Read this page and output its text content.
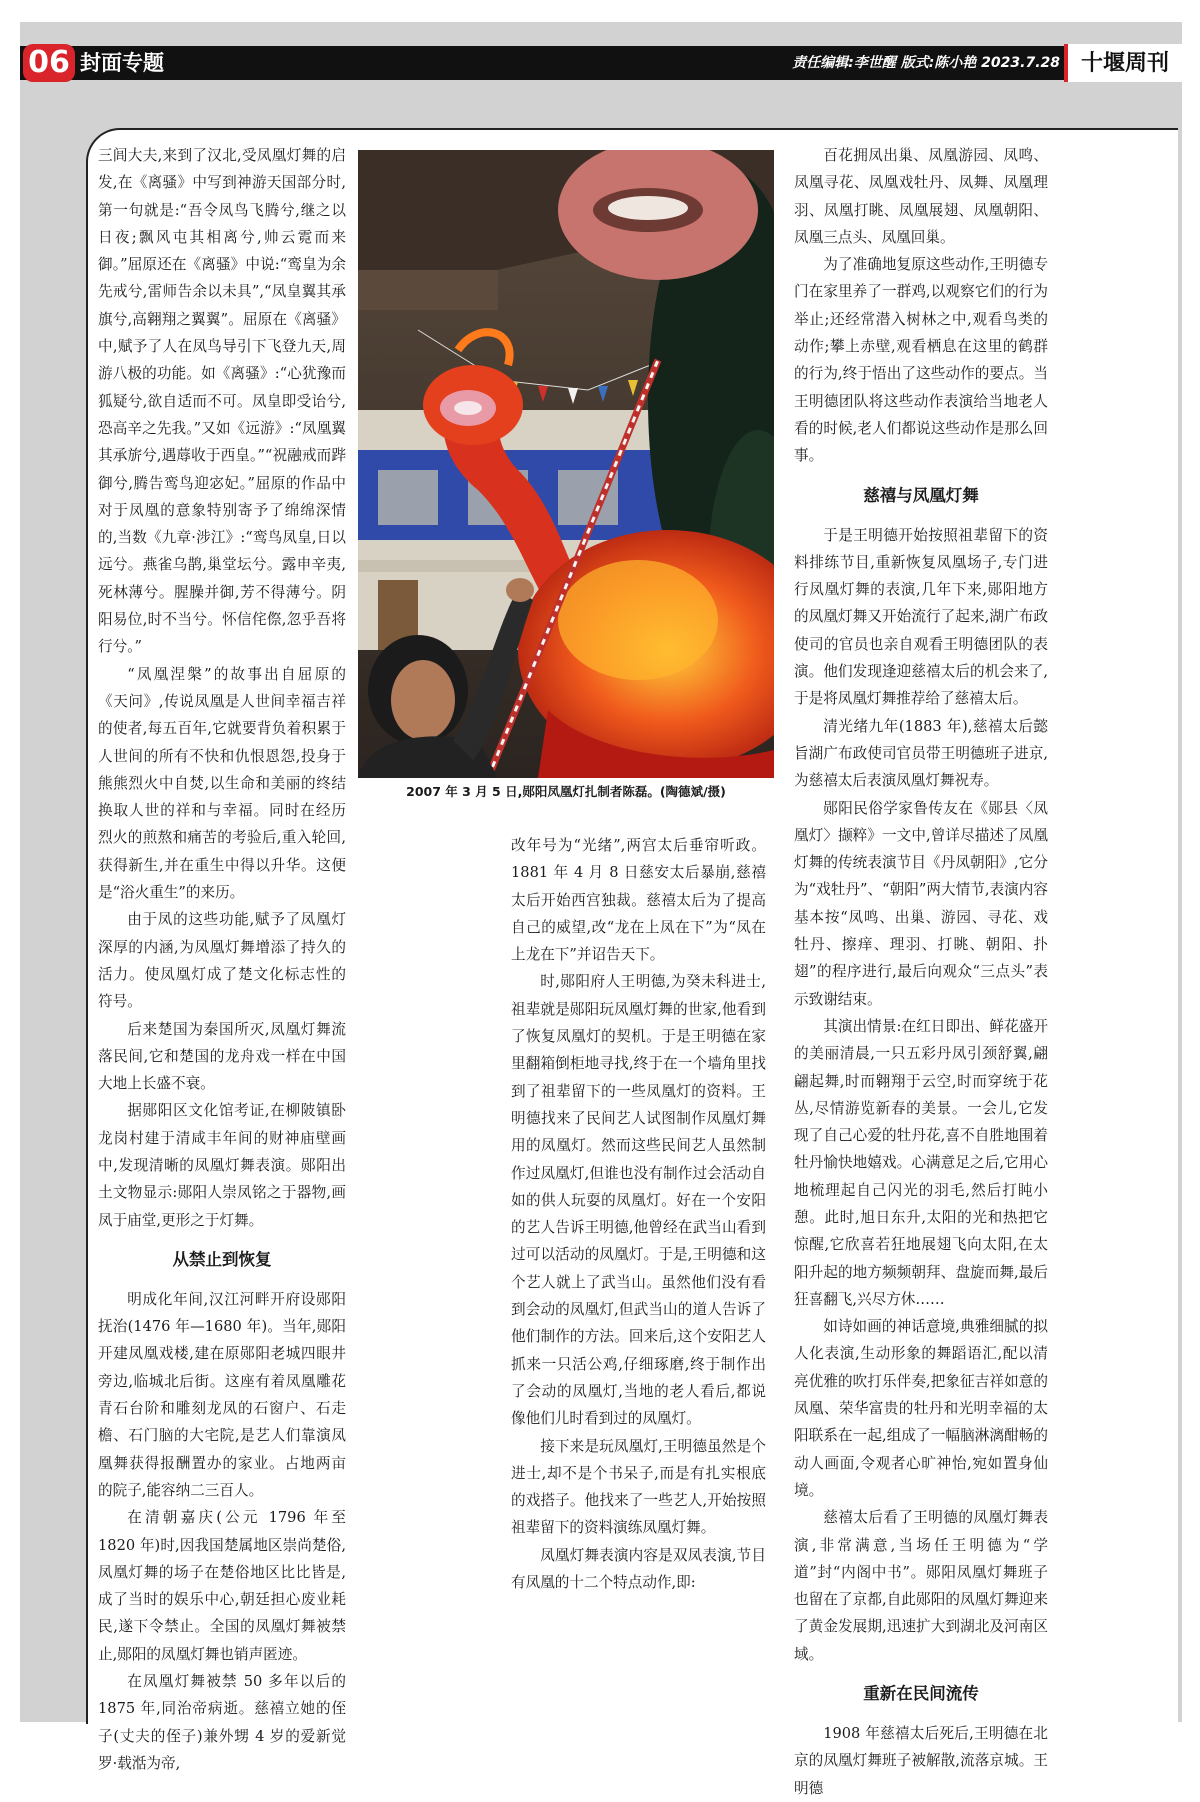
06 封面专题	责任编辑:李世醒 版式:陈小艳 2023.7.28 十堰周刊

三闾大夫,来到了汉北,受凤凰灯舞的启发,在《离骚》中写到神游天国部分时,第一句就是:“吾令凤鸟飞腾兮,继之以日夜;飘风屯其相离兮,帅云霓而来御。”屈原还在《离骚》中说:“鸾皇为余先戒兮,雷师告余以未具”,“凤皇翼其承旗兮,高翱翔之翼翼”。屈原在《离骚》中,赋予了人在凤鸟导引下飞登九天,周游八极的功能。如《离骚》:“心犹豫而狐疑兮,欲自适而不可。凤皇即受诒兮,恐高辛之先我。”又如《远游》:“凤凰翼其承旂兮,遇蓐收于西皇。”“祝融戒而跸御兮,腾告鸾鸟迎宓妃。”屈原的作品中对于凤凰的意象特别寄予了绵绵深情的,当数《九章·涉江》:“鸾鸟凤皇,日以远兮。燕雀乌鹊,巢堂坛兮。露申辛夷,死林薄兮。腥臊并御,芳不得薄兮。阴阳易位,时不当兮。怀信侘傺,忽乎吾将行兮。”

“凤凰涅槃”的故事出自屈原的《天问》,传说凤凰是人世间幸福吉祥的使者,每五百年,它就要背负着积累于人世间的所有不快和仇恨恩怨,投身于熊熊烈火中自焚,以生命和美丽的终结换取人世的祥和与幸福。同时在经历烈火的煎熬和痛苦的考验后,重入轮回,获得新生,并在重生中得以升华。这便是“浴火重生”的来历。

由于凤的这些功能,赋予了凤凰灯深厚的内涵,为凤凰灯舞增添了持久的活力。使凤凰灯成了楚文化标志性的符号。

后来楚国为秦国所灭,凤凰灯舞流落民间,它和楚国的龙舟戏一样在中国大地上长盛不衰。

据郧阳区文化馆考证,在柳陂镇卧龙岗村建于清咸丰年间的财神庙壁画中,发现清晰的凤凰灯舞表演。郧阳出土文物显示:郧阳人崇凤铭之于器物,画凤于庙堂,更形之于灯舞。

从禁止到恢复

明成化年间,汉江河畔开府设郧阳抚治(1476 年—1680 年)。当年,郧阳开建凤凰戏楼,建在原郧阳老城四眼井旁边,临城北后街。这座有着凤凰雕花青石台阶和雕刻龙凤的石窗户、石走檐、石门脑的大宅院,是艺人们靠演凤凰舞获得报酬置办的家业。占地两亩的院子,能容纳二三百人。

在清朝嘉庆(公元 1796 年至 1820 年)时,因我国楚属地区崇尚楚俗,凤凰灯舞的场子在楚俗地区比比皆是,成了当时的娱乐中心,朝廷担心废业耗民,遂下令禁止。全国的凤凰灯舞被禁止,郧阳的凤凰灯舞也销声匿迹。

在凤凰灯舞被禁 50 多年以后的 1875 年,同治帝病逝。慈禧立她的侄子(丈夫的侄子)兼外甥 4 岁的爱新觉罗·载湉为帝,

2007 年 3 月 5 日,郧阳凤凰灯扎制者陈磊。(陶德斌/摄)

改年号为“光绪”,两宫太后垂帘听政。1881 年 4 月 8 日慈安太后暴崩,慈禧太后开始西宫独裁。慈禧太后为了提高自己的威望,改“龙在上凤在下”为“凤在上龙在下”并诏告天下。

时,郧阳府人王明德,为癸未科进士,祖辈就是郧阳玩凤凰灯舞的世家,他看到了恢复凤凰灯的契机。于是王明德在家里翻箱倒柜地寻找,终于在一个墙角里找到了祖辈留下的一些凤凰灯的资料。王明德找来了民间艺人试图制作凤凰灯舞用的凤凰灯。然而这些民间艺人虽然制作过凤凰灯,但谁也没有制作过会活动自如的供人玩耍的凤凰灯。好在一个安阳的艺人告诉王明德,他曾经在武当山看到过可以活动的凤凰灯。于是,王明德和这个艺人就上了武当山。虽然他们没有看到会动的凤凰灯,但武当山的道人告诉了他们制作的方法。回来后,这个安阳艺人抓来一只活公鸡,仔细琢磨,终于制作出了会动的凤凰灯,当地的老人看后,都说像他们儿时看到过的凤凰灯。

接下来是玩凤凰灯,王明德虽然是个进士,却不是个书呆子,而是有扎实根底的戏搭子。他找来了一些艺人,开始按照祖辈留下的资料演练凤凰灯舞。

凤凰灯舞表演内容是双凤表演,节目有凤凰的十二个特点动作,即:

百花拥凤出巢、凤凰游园、凤鸣、凤凰寻花、凤凰戏牡丹、凤舞、凤凰理羽、凤凰打眺、凤凰展翅、凤凰朝阳、凤凰三点头、凤凰回巢。

为了准确地复原这些动作,王明德专门在家里养了一群鸡,以观察它们的行为举止;还经常潜入树林之中,观看鸟类的动作;攀上赤壁,观看栖息在这里的鹤群的行为,终于悟出了这些动作的要点。当王明德团队将这些动作表演给当地老人看的时候,老人们都说这些动作是那么回事。

慈禧与凤凰灯舞

于是王明德开始按照祖辈留下的资料排练节目,重新恢复凤凰场子,专门进行凤凰灯舞的表演,几年下来,郧阳地方的凤凰灯舞又开始流行了起来,湖广布政使司的官员也亲自观看王明德团队的表演。他们发现逢迎慈禧太后的机会来了,于是将凤凰灯舞推荐给了慈禧太后。

清光绪九年(1883 年),慈禧太后懿旨湖广布政使司官员带王明德班子进京,为慈禧太后表演凤凰灯舞祝寿。

郧阳民俗学家鲁传友在《郧县〈凤凰灯〉撷粹》一文中,曾详尽描述了凤凰灯舞的传统表演节目《丹凤朝阳》,它分为“戏牡丹”、“朝阳”两大情节,表演内容基本按“凤鸣、出巢、游园、寻花、戏牡丹、擦痒、理羽、打眺、朝阳、扑翅”的程序进行,最后向观众“三点头”表示致谢结束。

其演出情景:在红日即出、鲜花盛开的美丽清晨,一只五彩丹凤引颈舒翼,翩翩起舞,时而翱翔于云空,时而穿统于花丛,尽情游览新春的美景。一会儿,它发现了自己心爱的牡丹花,喜不自胜地围着牡丹愉快地嬉戏。心满意足之后,它用心地梳理起自己闪光的羽毛,然后打盹小憩。此时,旭日东升,太阳的光和热把它惊醒,它欣喜若狂地展翅飞向太阳,在太阳升起的地方频频朝拜、盘旋而舞,最后狂喜翻飞,兴尽方休……

如诗如画的神话意境,典雅细腻的拟人化表演,生动形象的舞蹈语汇,配以清亮优雅的吹打乐伴奏,把象征吉祥如意的凤凰、荣华富贵的牡丹和光明幸福的太阳联系在一起,组成了一幅脑淋漓酣畅的动人画面,令观者心旷神怡,宛如置身仙境。

慈禧太后看了王明德的凤凰灯舞表演,非常满意,当场任王明德为“学道”封“内阁中书”。郧阳凤凰灯舞班子也留在了京都,自此郧阳的凤凰灯舞迎来了黄金发展期,迅速扩大到湖北及河南区域。

重新在民间流传

1908 年慈禧太后死后,王明德在北京的凤凰灯舞班子被解散,流落京城。王明德
